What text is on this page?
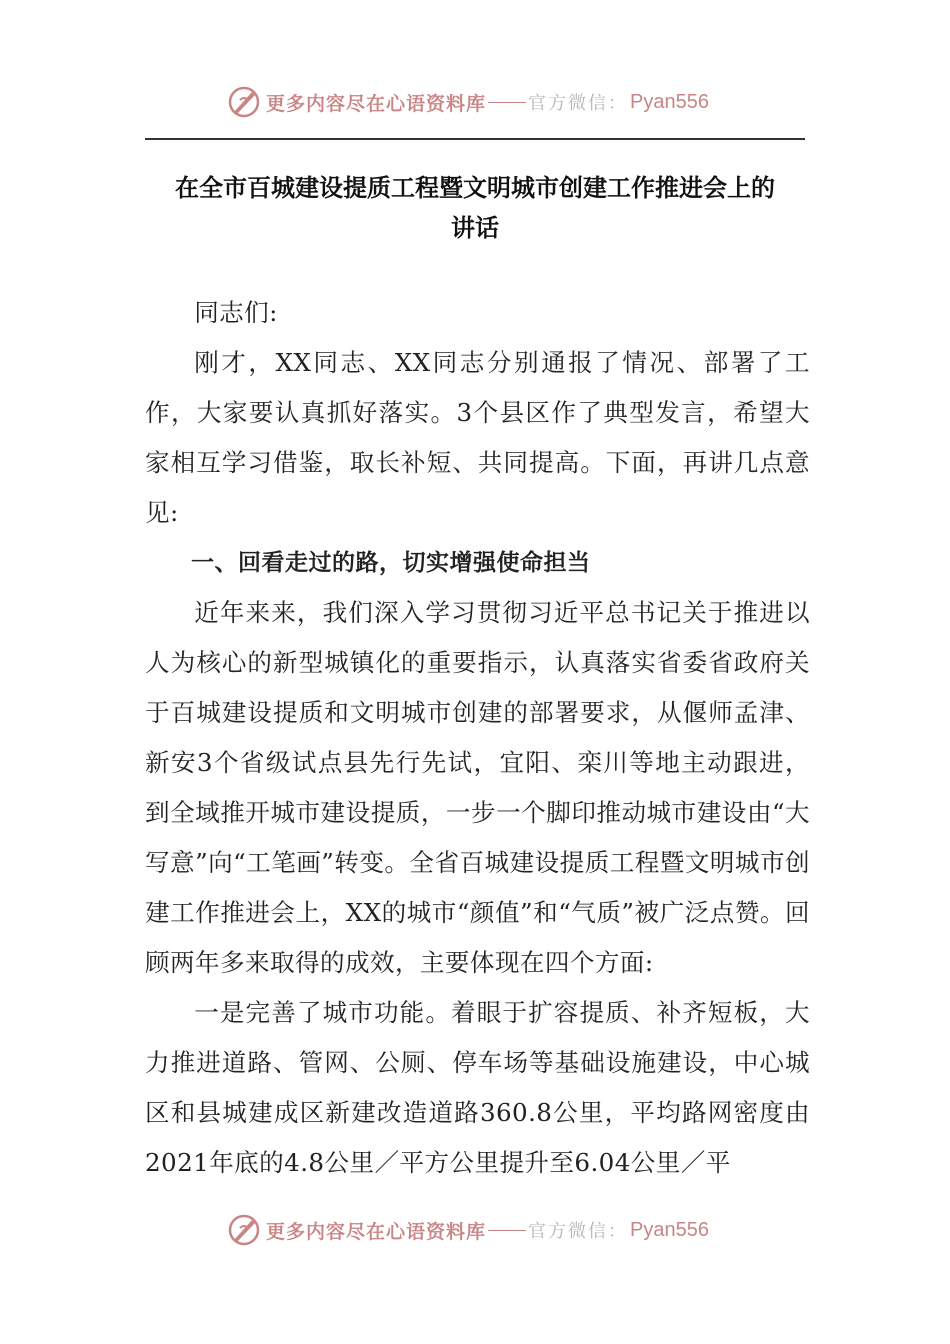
更多内容尽在心语资料库 官方微信： Pyan556
在全市百城建设提质工程暨文明城市创建工作推进会上的
讲话

同志们:

刚才，XX同志、XX同志分别通报了情况、部署了工作，大家要认真抓好落实。3个县区作了典型发言，希望大家相互学习借鉴，取长补短、共同提高。下面，再讲几点意见:

一、回看走过的路，切实增强使命担当

近年来来，我们深入学习贯彻习近平总书记关于推进以人为核心的新型城镇化的重要指示，认真落实省委省政府关于百城建设提质和文明城市创建的部署要求，从偃师孟津、新安3个省级试点县先行先试，宜阳、栾川等地主动跟进，到全域推开城市建设提质，一步一个脚印推动城市建设由“大写意”向“工笔画”转变。全省百城建设提质工程暨文明城市创建工作推进会上，XX的城市“颜值”和“气质”被广泛点赞。回顾两年多来取得的成效，主要体现在四个方面:

一是完善了城市功能。着眼于扩容提质、补齐短板，大力推进道路、管网、公厕、停车场等基础设施建设，中心城区和县城建成区新建改造道路360.8公里，平均路网密度由2021年底的4.8公里／平方公里提升至6.04公里／平

更多内容尽在心语资料库 官方微信： Pyan556
